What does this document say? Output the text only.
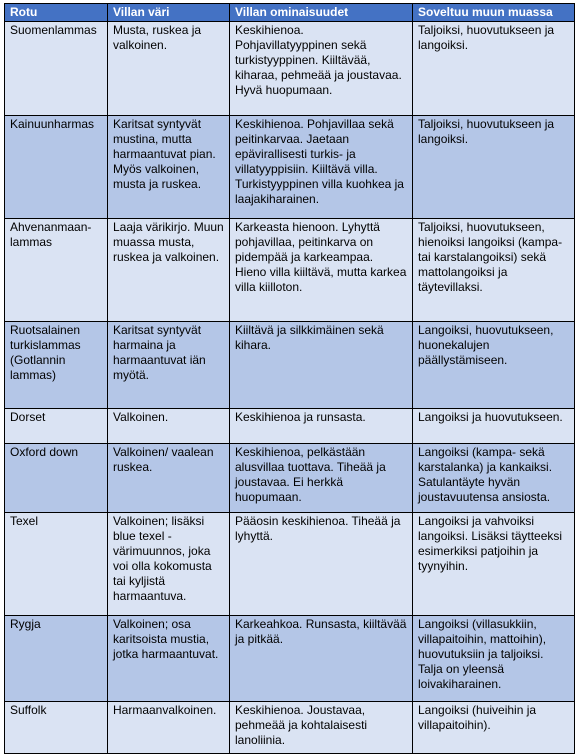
Rotu	Villan väri	Villan ominaisuudet	Soveltuu muun muassa
Suomenlammas	Musta, ruskea ja valkoinen.	Keskihienoa. Pohjavillatyyppinen sekä turkistyyppinen. Kiiltävää, kiharaa, pehmeää ja joustavaa. Hyvä huopumaan.	Taljoiksi, huovutukseen ja langoiksi.
Kainuunharmas	Karitsat syntyvät mustina, mutta harmaantuvat pian. Myös valkoinen, musta ja ruskea.	Keskihienoa. Pohjavillaa sekä peitinkarvaa. Jaetaan epävirallisesti turkis- ja villatyyppisiin. Kiiltävä villa. Turkistyyppinen villa kuohkea ja laajakiharainen.	Taljoiksi, huovutukseen ja langoiksi.
Ahvenanmaan-lammas	Laaja värikirjo. Muun muassa musta, ruskea ja valkoinen.	Karkeasta hienoon. Lyhyttä pohjavillaa, peitinkarva on pidempää ja karkeampaa. Hieno villa kiiltävä, mutta karkea villa kiilloton.	Taljoiksi, huovutukseen, hienoiksi langoiksi (kampa- tai karstalangoiksi) sekä mattolangoiksi ja täytevillaksi.
Ruotsalainen turkislammas (Gotlannin lammas)	Karitsat syntyvät harmaina ja harmaantuvat iän myötä.	Kiiltävä ja silkkimäinen sekä kihara.	Langoiksi, huovutukseen, huonekalujen päällystämiseen.
Dorset	Valkoinen.	Keskihienoa ja runsasta.	Langoiksi ja huovutukseen.
Oxford down	Valkoinen/ vaalean ruskea.	Keskihienoa, pelkästään alusvillaa tuottava. Tiheää ja joustavaa. Ei herkkä huopumaan.	Langoiksi (kampa- sekä karstalanka) ja kankaiksi. Satulantäyte hyvän joustavuutensa ansiosta.
Texel	Valkoinen; lisäksi blue texel -värimuunnos, joka voi olla kokomusta tai kyljistä harmaantuva.	Pääosin keskihienoa. Tiheää ja lyhyttä.	Langoiksi ja vahvoiksi langoiksi. Lisäksi täytteeksi esimerkiksi patjoihin ja tyynyihin.
Rygja	Valkoinen; osa karitsoista mustia, jotka harmaantuvat.	Karkeahkoa. Runsasta, kiiltävää ja pitkää.	Langoiksi (villasukkiin, villapaitoihin, mattoihin), huovutuksiin ja taljoiksi. Talja on yleensä loivakiharainen.
Suffolk	Harmaanvalkoinen.	Keskihienoa. Joustavaa, pehmeää ja kohtalaisesti lanoliinia.	Langoiksi (huiveihin ja villapaitoihin).
